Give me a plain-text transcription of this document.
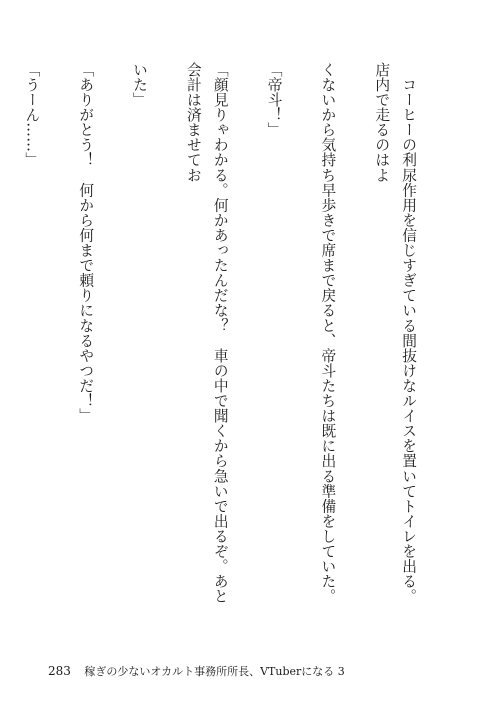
　コーヒーの利尿作用を信じすぎている間抜けなルイスを置いてトイレを出る。店内で走るのはよ

くないから気持ち早歩きで席まで戻ると、帝斗たちは既に出る準備をしていた。

「帝斗！」

「顔見りゃわかる。何かあったんだな？　車の中で聞くから急いで出るぞ。あと会計は済ませてお

いた」

「ありがとう！　何から何まで頼りになるやつだ！」

「うーん……」

283 稼ぎの少ないオカルト事務所所長、VTuberになる 3
